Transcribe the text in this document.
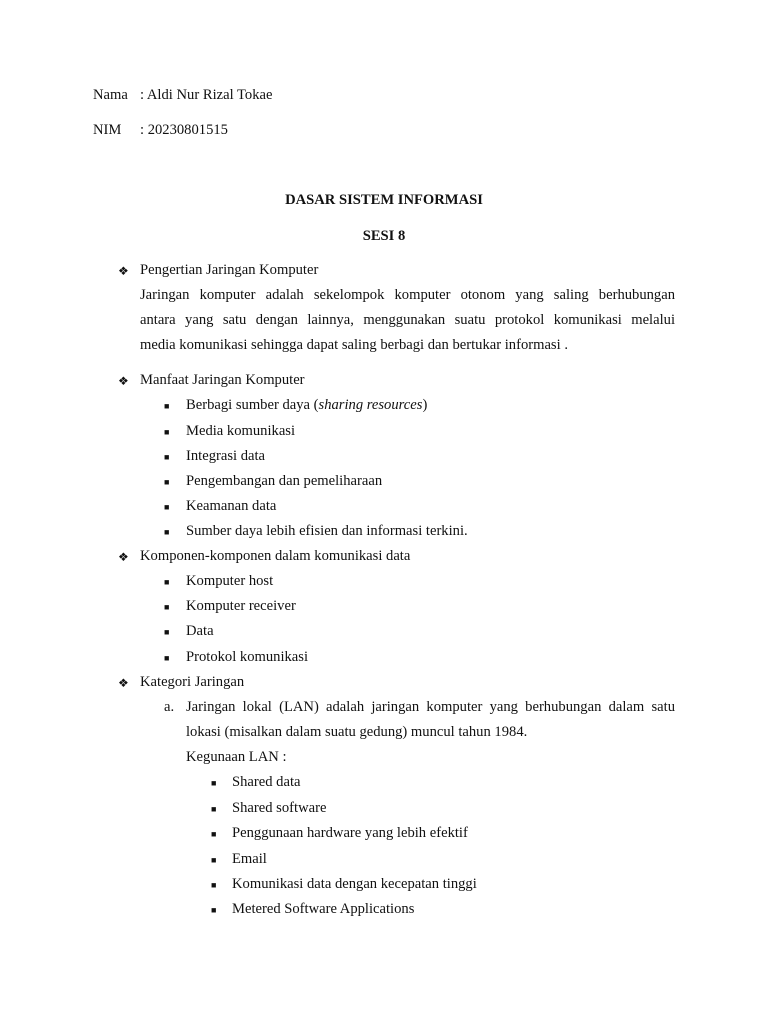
Nama : Aldi Nur Rizal Tokae
NIM : 20230801515
DASAR SISTEM INFORMASI
SESI 8
❖ Pengertian Jaringan Komputer
Jaringan komputer adalah sekelompok komputer otonom yang saling berhubungan
antara yang satu dengan lainnya, menggunakan suatu protokol komunikasi melalui
media komunikasi sehingga dapat saling berbagi dan bertukar informasi .
❖ Manfaat Jaringan Komputer
■ Berbagi sumber daya (sharing resources)
■ Media komunikasi
■ Integrasi data
■ Pengembangan dan pemeliharaan
■ Keamanan data
■ Sumber daya lebih efisien dan informasi terkini.
❖ Komponen-komponen dalam komunikasi data
■ Komputer host
■ Komputer receiver
■ Data
■ Protokol komunikasi
❖ Kategori Jaringan
a. Jaringan lokal (LAN) adalah jaringan komputer yang berhubungan dalam satu
lokasi (misalkan dalam suatu gedung) muncul tahun 1984.
Kegunaan LAN :
■ Shared data
■ Shared software
■ Penggunaan hardware yang lebih efektif
■ Email
■ Komunikasi data dengan kecepatan tinggi
■ Metered Software Applications
